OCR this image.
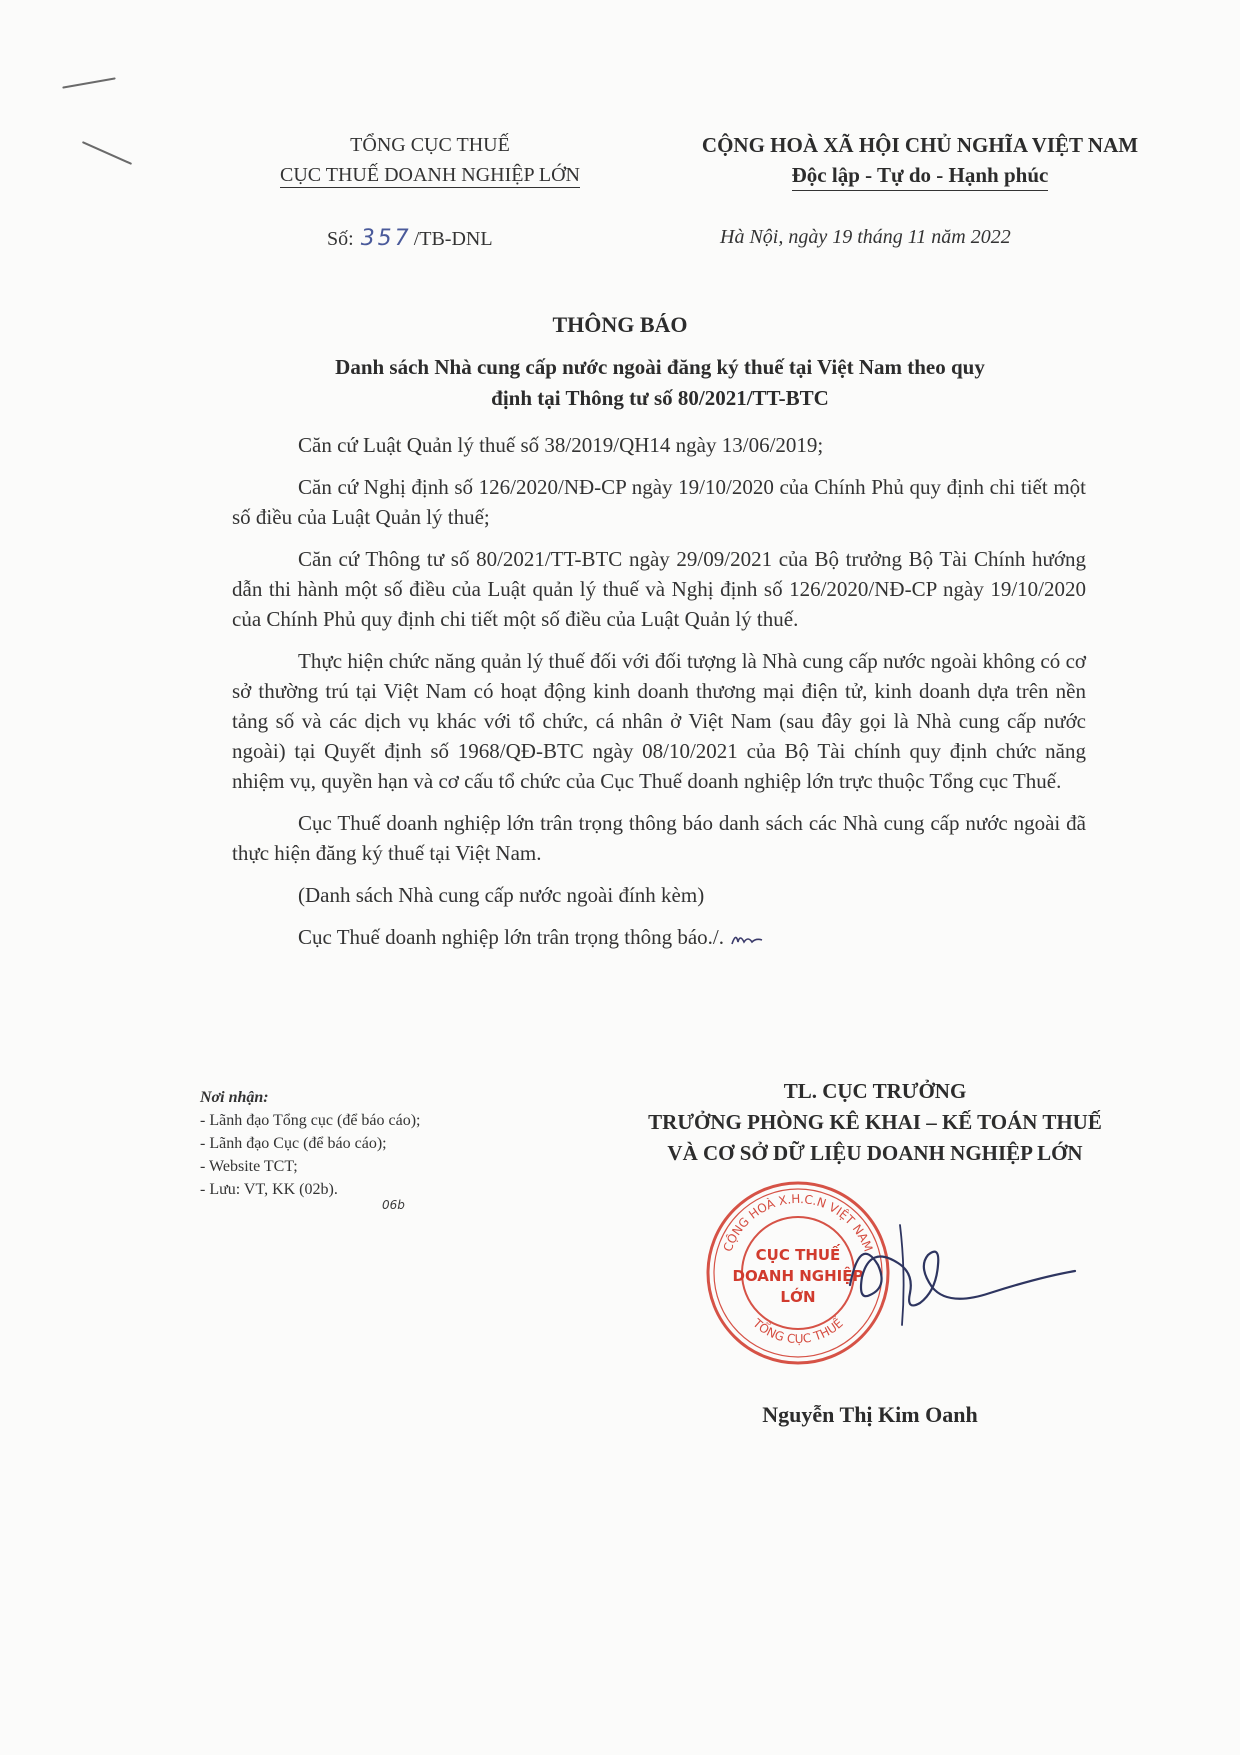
TỔNG CỤC THUẾ
CỤC THUẾ DOANH NGHIỆP LỚN
CỘNG HOÀ XÃ HỘI CHỦ NGHĨA VIỆT NAM
Độc lập - Tự do - Hạnh phúc
Số: 357 /TB-DNL	Hà Nội, ngày 19 tháng 11 năm 2022
THÔNG BÁO
Danh sách Nhà cung cấp nước ngoài đăng ký thuế tại Việt Nam theo quy
định tại Thông tư số 80/2021/TT-BTC

Căn cứ Luật Quản lý thuế số 38/2019/QH14 ngày 13/06/2019;

Căn cứ Nghị định số 126/2020/NĐ-CP ngày 19/10/2020 của Chính Phủ quy định chi tiết một số điều của Luật Quản lý thuế;

Căn cứ Thông tư số 80/2021/TT-BTC ngày 29/09/2021 của Bộ trưởng Bộ Tài Chính hướng dẫn thi hành một số điều của Luật quản lý thuế và Nghị định số 126/2020/NĐ-CP ngày 19/10/2020 của Chính Phủ quy định chi tiết một số điều của Luật Quản lý thuế.

Thực hiện chức năng quản lý thuế đối với đối tượng là Nhà cung cấp nước ngoài không có cơ sở thường trú tại Việt Nam có hoạt động kinh doanh thương mại điện tử, kinh doanh dựa trên nền tảng số và các dịch vụ khác với tổ chức, cá nhân ở Việt Nam (sau đây gọi là Nhà cung cấp nước ngoài) tại Quyết định số 1968/QĐ-BTC ngày 08/10/2021 của Bộ Tài chính quy định chức năng nhiệm vụ, quyền hạn và cơ cấu tổ chức của Cục Thuế doanh nghiệp lớn trực thuộc Tổng cục Thuế.

Cục Thuế doanh nghiệp lớn trân trọng thông báo danh sách các Nhà cung cấp nước ngoài đã thực hiện đăng ký thuế tại Việt Nam.

(Danh sách Nhà cung cấp nước ngoài đính kèm)

Cục Thuế doanh nghiệp lớn trân trọng thông báo./.

Nơi nhận:
- Lãnh đạo Tổng cục (để báo cáo);
- Lãnh đạo Cục (để báo cáo);
- Website TCT;
- Lưu: VT, KK (02b).
06b
TL. CỤC TRƯỞNG
TRƯỞNG PHÒNG KÊ KHAI – KẾ TOÁN THUẾ
VÀ CƠ SỞ DỮ LIỆU DOANH NGHIỆP LỚN
CỘNG HOÀ X.H.C.N VIỆT NAM
TỔNG CỤC THUẾ
CỤC THUẾ
DOANH NGHIỆP
LỚN
Nguyễn Thị Kim Oanh
